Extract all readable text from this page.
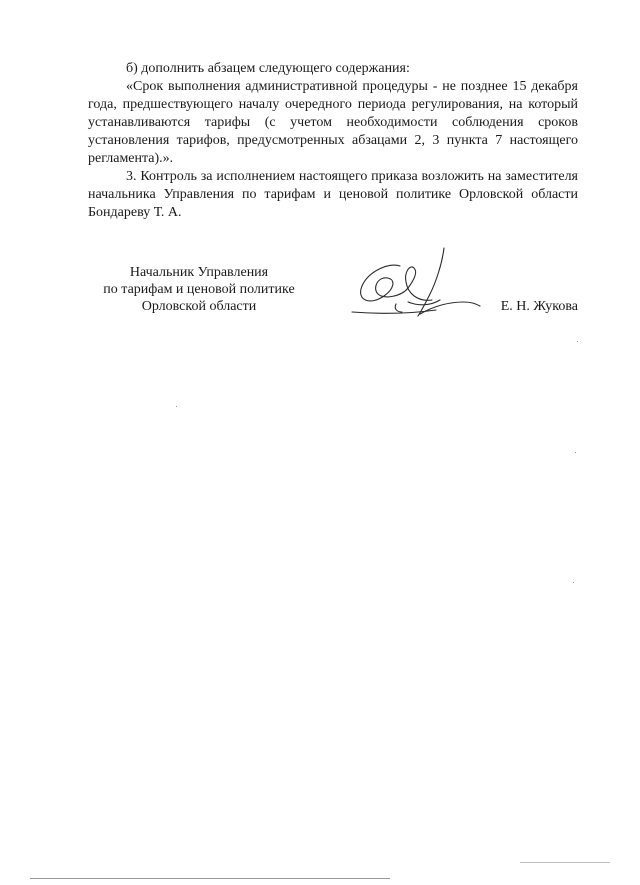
б) дополнить абзацем следующего содержания:

«Срок выполнения административной процедуры - не позднее 15 декабря года, предшествующего началу очередного периода регулирования, на который устанавливаются тарифы (с учетом необходимости соблюдения сроков установления тарифов, предусмотренных абзацами 2, 3 пункта 7 настоящего регламента).».

3. Контроль за исполнением настоящего приказа возложить на заместителя начальника Управления по тарифам и ценовой политике Орловской области Бондареву Т. А.

Начальник Управления
по тарифам и ценовой политике
Орловской области	Е. Н. Жукова
